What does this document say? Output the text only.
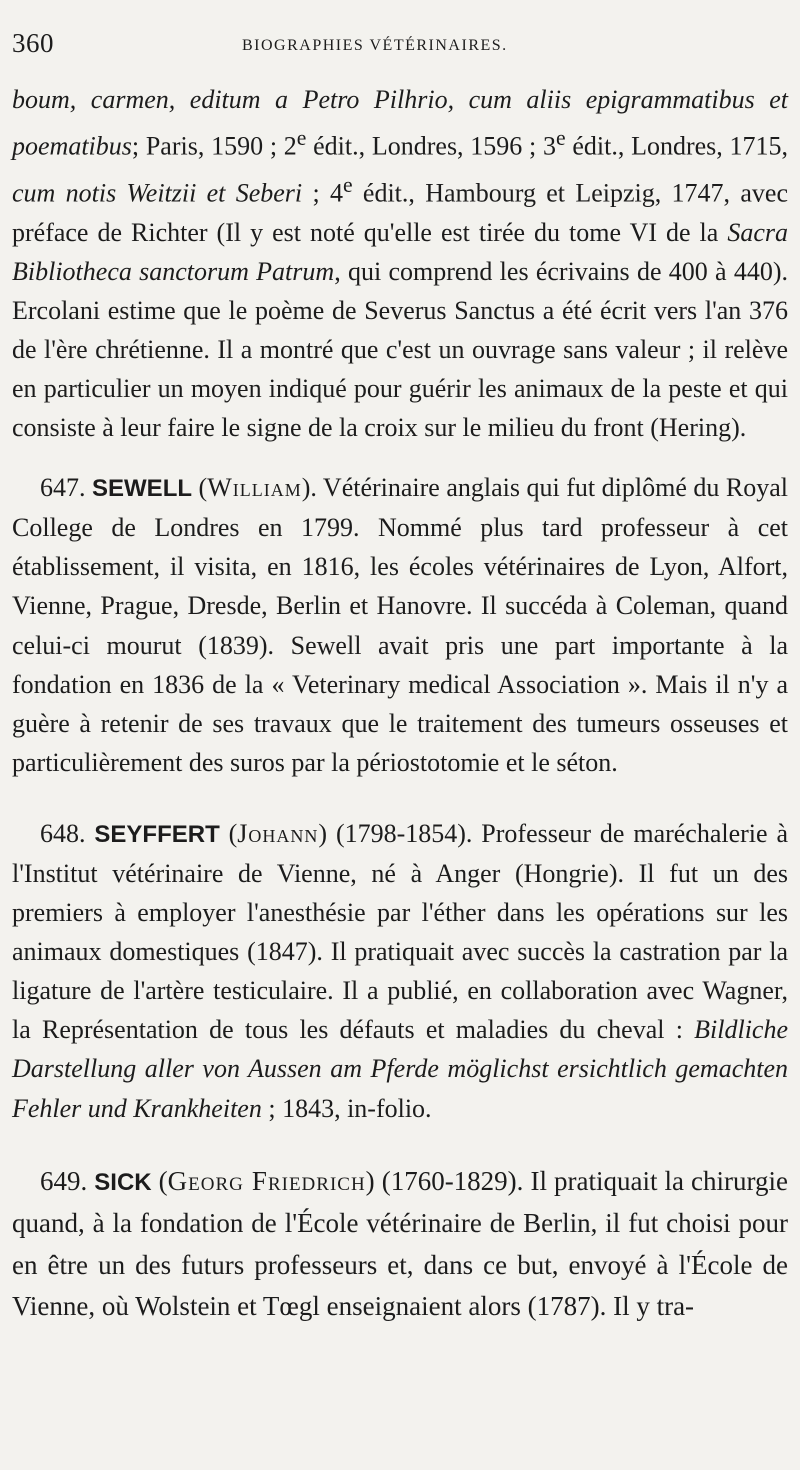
360	BIOGRAPHIES VÉTÉRINAIRES.

boum, carmen, editum a Petro Pilhrio, cum aliis epigrammatibus et poematibus; Paris, 1590 ; 2e édit., Londres, 1596 ; 3e édit., Londres, 1715, cum notis Weitzii et Seberi ; 4e édit., Hambourg et Leipzig, 1747, avec préface de Richter (Il y est noté qu'elle est tirée du tome VI de la Sacra Bibliotheca sanctorum Patrum, qui comprend les écrivains de 400 à 440). Ercolani estime que le poème de Severus Sanctus a été écrit vers l'an 376 de l'ère chrétienne. Il a montré que c'est un ouvrage sans valeur ; il relève en particulier un moyen indiqué pour guérir les animaux de la peste et qui consiste à leur faire le signe de la croix sur le milieu du front (Hering).

647. SEWELL (William). Vétérinaire anglais qui fut diplômé du Royal College de Londres en 1799. Nommé plus tard professeur à cet établissement, il visita, en 1816, les écoles vétérinaires de Lyon, Alfort, Vienne, Prague, Dresde, Berlin et Hanovre. Il succéda à Coleman, quand celui-ci mourut (1839). Sewell avait pris une part importante à la fondation en 1836 de la « Veterinary medical Association ». Mais il n'y a guère à retenir de ses travaux que le traitement des tumeurs osseuses et particulièrement des suros par la périostotomie et le séton.

648. SEYFFERT (Johann) (1798-1854). Professeur de maréchalerie à l'Institut vétérinaire de Vienne, né à Anger (Hongrie). Il fut un des premiers à employer l'anesthésie par l'éther dans les opérations sur les animaux domestiques (1847). Il pratiquait avec succès la castration par la ligature de l'artère testiculaire. Il a publié, en collaboration avec Wagner, la Représentation de tous les défauts et maladies du cheval : Bildliche Darstellung aller von Aussen am Pferde möglichst ersichtlich gemachten Fehler und Krankheiten ; 1843, in-folio.

649. SICK (Georg Friedrich) (1760-1829). Il pratiquait la chirurgie quand, à la fondation de l'École vétérinaire de Berlin, il fut choisi pour en être un des futurs professeurs et, dans ce but, envoyé à l'École de Vienne, où Wolstein et Tœgl enseignaient alors (1787). Il y tra-
